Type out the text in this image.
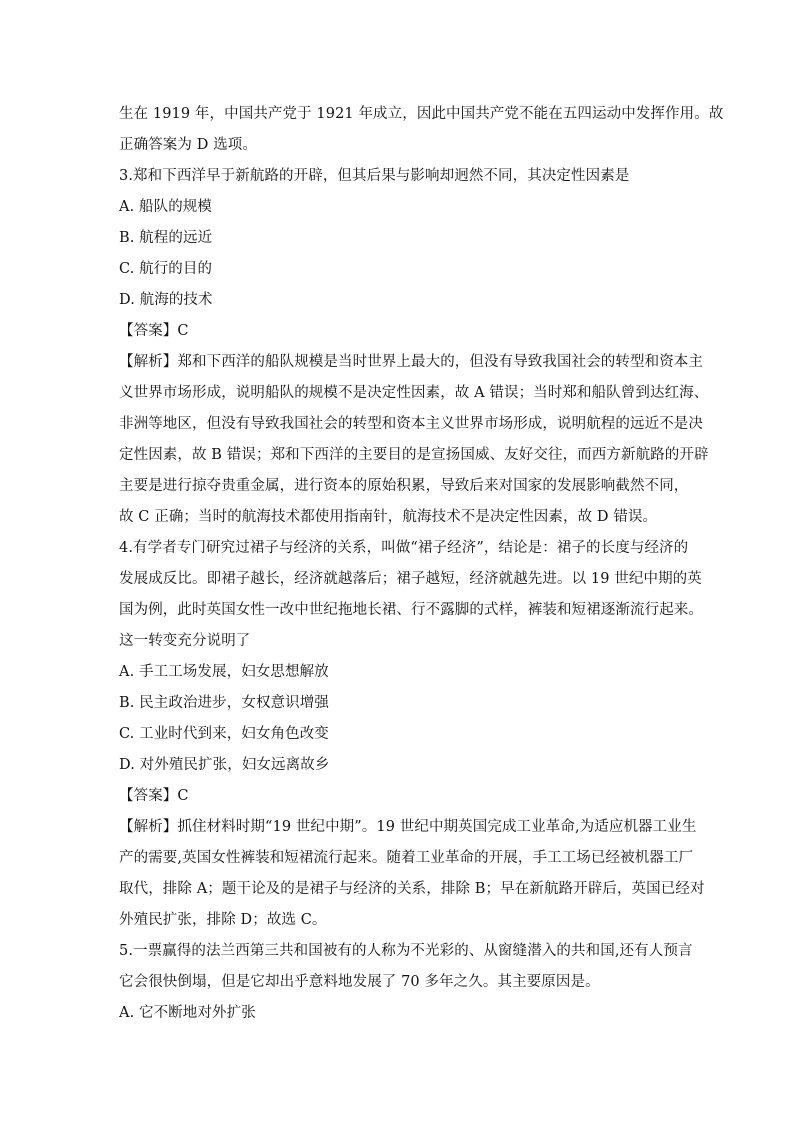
生在 1919 年，中国共产党于 1921 年成立，因此中国共产党不能在五四运动中发挥作用。故
正确答案为 D 选项。
3.郑和下西洋早于新航路的开辟，但其后果与影响却迥然不同，其决定性因素是
A. 船队的规模
B. 航程的远近
C. 航行的目的
D. 航海的技术
【答案】C
【解析】郑和下西洋的船队规模是当时世界上最大的，但没有导致我国社会的转型和资本主
义世界市场形成，说明船队的规模不是决定性因素，故 A 错误；当时郑和船队曾到达红海、
非洲等地区，但没有导致我国社会的转型和资本主义世界市场形成，说明航程的远近不是决
定性因素，故 B 错误；郑和下西洋的主要目的是宣扬国威、友好交往，而西方新航路的开辟
主要是进行掠夺贵重金属，进行资本的原始积累，导致后来对国家的发展影响截然不同，
故 C 正确；当时的航海技术都使用指南针，航海技术不是决定性因素，故 D 错误。
4.有学者专门研究过裙子与经济的关系，叫做“裙子经济”，结论是：裙子的长度与经济的
发展成反比。即裙子越长，经济就越落后；裙子越短，经济就越先进。以 19 世纪中期的英
国为例，此时英国女性一改中世纪拖地长裙、行不露脚的式样，裤装和短裙逐渐流行起来。
这一转变充分说明了
A. 手工工场发展，妇女思想解放
B. 民主政治进步，女权意识增强
C. 工业时代到来，妇女角色改变
D. 对外殖民扩张，妇女远离故乡
【答案】C
【解析】抓住材料时期“19 世纪中期”。19 世纪中期英国完成工业革命,为适应机器工业生
产的需要,英国女性裤装和短裙流行起来。随着工业革命的开展，手工工场已经被机器工厂
取代，排除 A；题干论及的是裙子与经济的关系，排除 B；早在新航路开辟后，英国已经对
外殖民扩张，排除 D；故选 C。
5.一票赢得的法兰西第三共和国被有的人称为不光彩的、从窗缝潜入的共和国,还有人预言
它会很快倒塌，但是它却出乎意料地发展了 70 多年之久。其主要原因是。
A. 它不断地对外扩张
